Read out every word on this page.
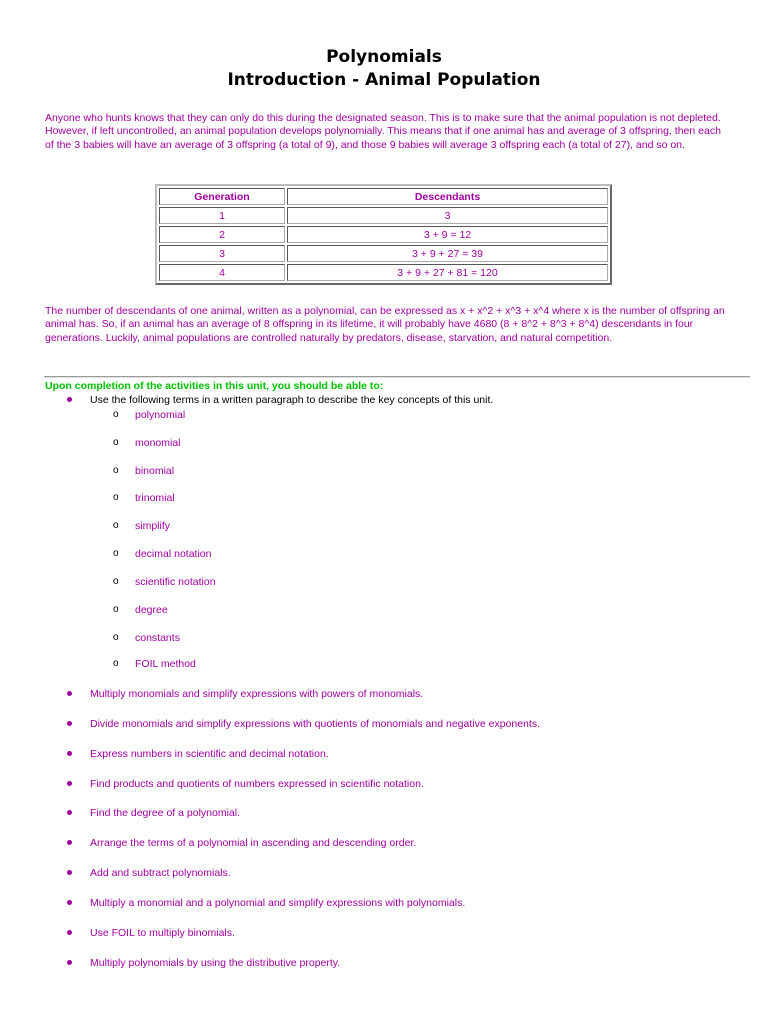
Polynomials
Introduction - Animal Population

Anyone who hunts knows that they can only do this during the designated season. This is to make sure that the animal population is not depleted. However, if left uncontrolled, an animal population develops polynomially. This means that if one animal has and average of 3 offspring, then each of the 3 babies will have an average of 3 offspring (a total of 9), and those 9 babies will average 3 offspring each (a total of 27), and so on.

Generation	Descendants
1	3
2	3 + 9 = 12
3	3 + 9 + 27 = 39
4	3 + 9 + 27 + 81 = 120

The number of descendants of one animal, written as a polynomial, can be expressed as x + x^2 + x^3 + x^4 where x is the number of offspring an animal has. So, if an animal has an average of 8 offspring in its lifetime, it will probably have 4680 (8 + 8^2 + 8^3 + 8^4) descendants in four generations. Luckily, animal populations are controlled naturally by predators, disease, starvation, and natural competition.

Upon completion of the activities in this unit, you should be able to:

Use the following terms in a written paragraph to describe the key concepts of this unit.
o polynomial
o monomial
o binomial
o trinomial
o simplify
o decimal notation
o scientific notation
o degree
o constants
o FOIL method
Multiply monomials and simplify expressions with powers of monomials.
Divide monomials and simplify expressions with quotients of monomials and negative exponents.
Express numbers in scientific and decimal notation.
Find products and quotients of numbers expressed in scientific notation.
Find the degree of a polynomial.
Arrange the terms of a polynomial in ascending and descending order.
Add and subtract polynomials.
Multiply a monomial and a polynomial and simplify expressions with polynomials.
Use FOIL to multiply binomials.
Multiply polynomials by using the distributive property.
